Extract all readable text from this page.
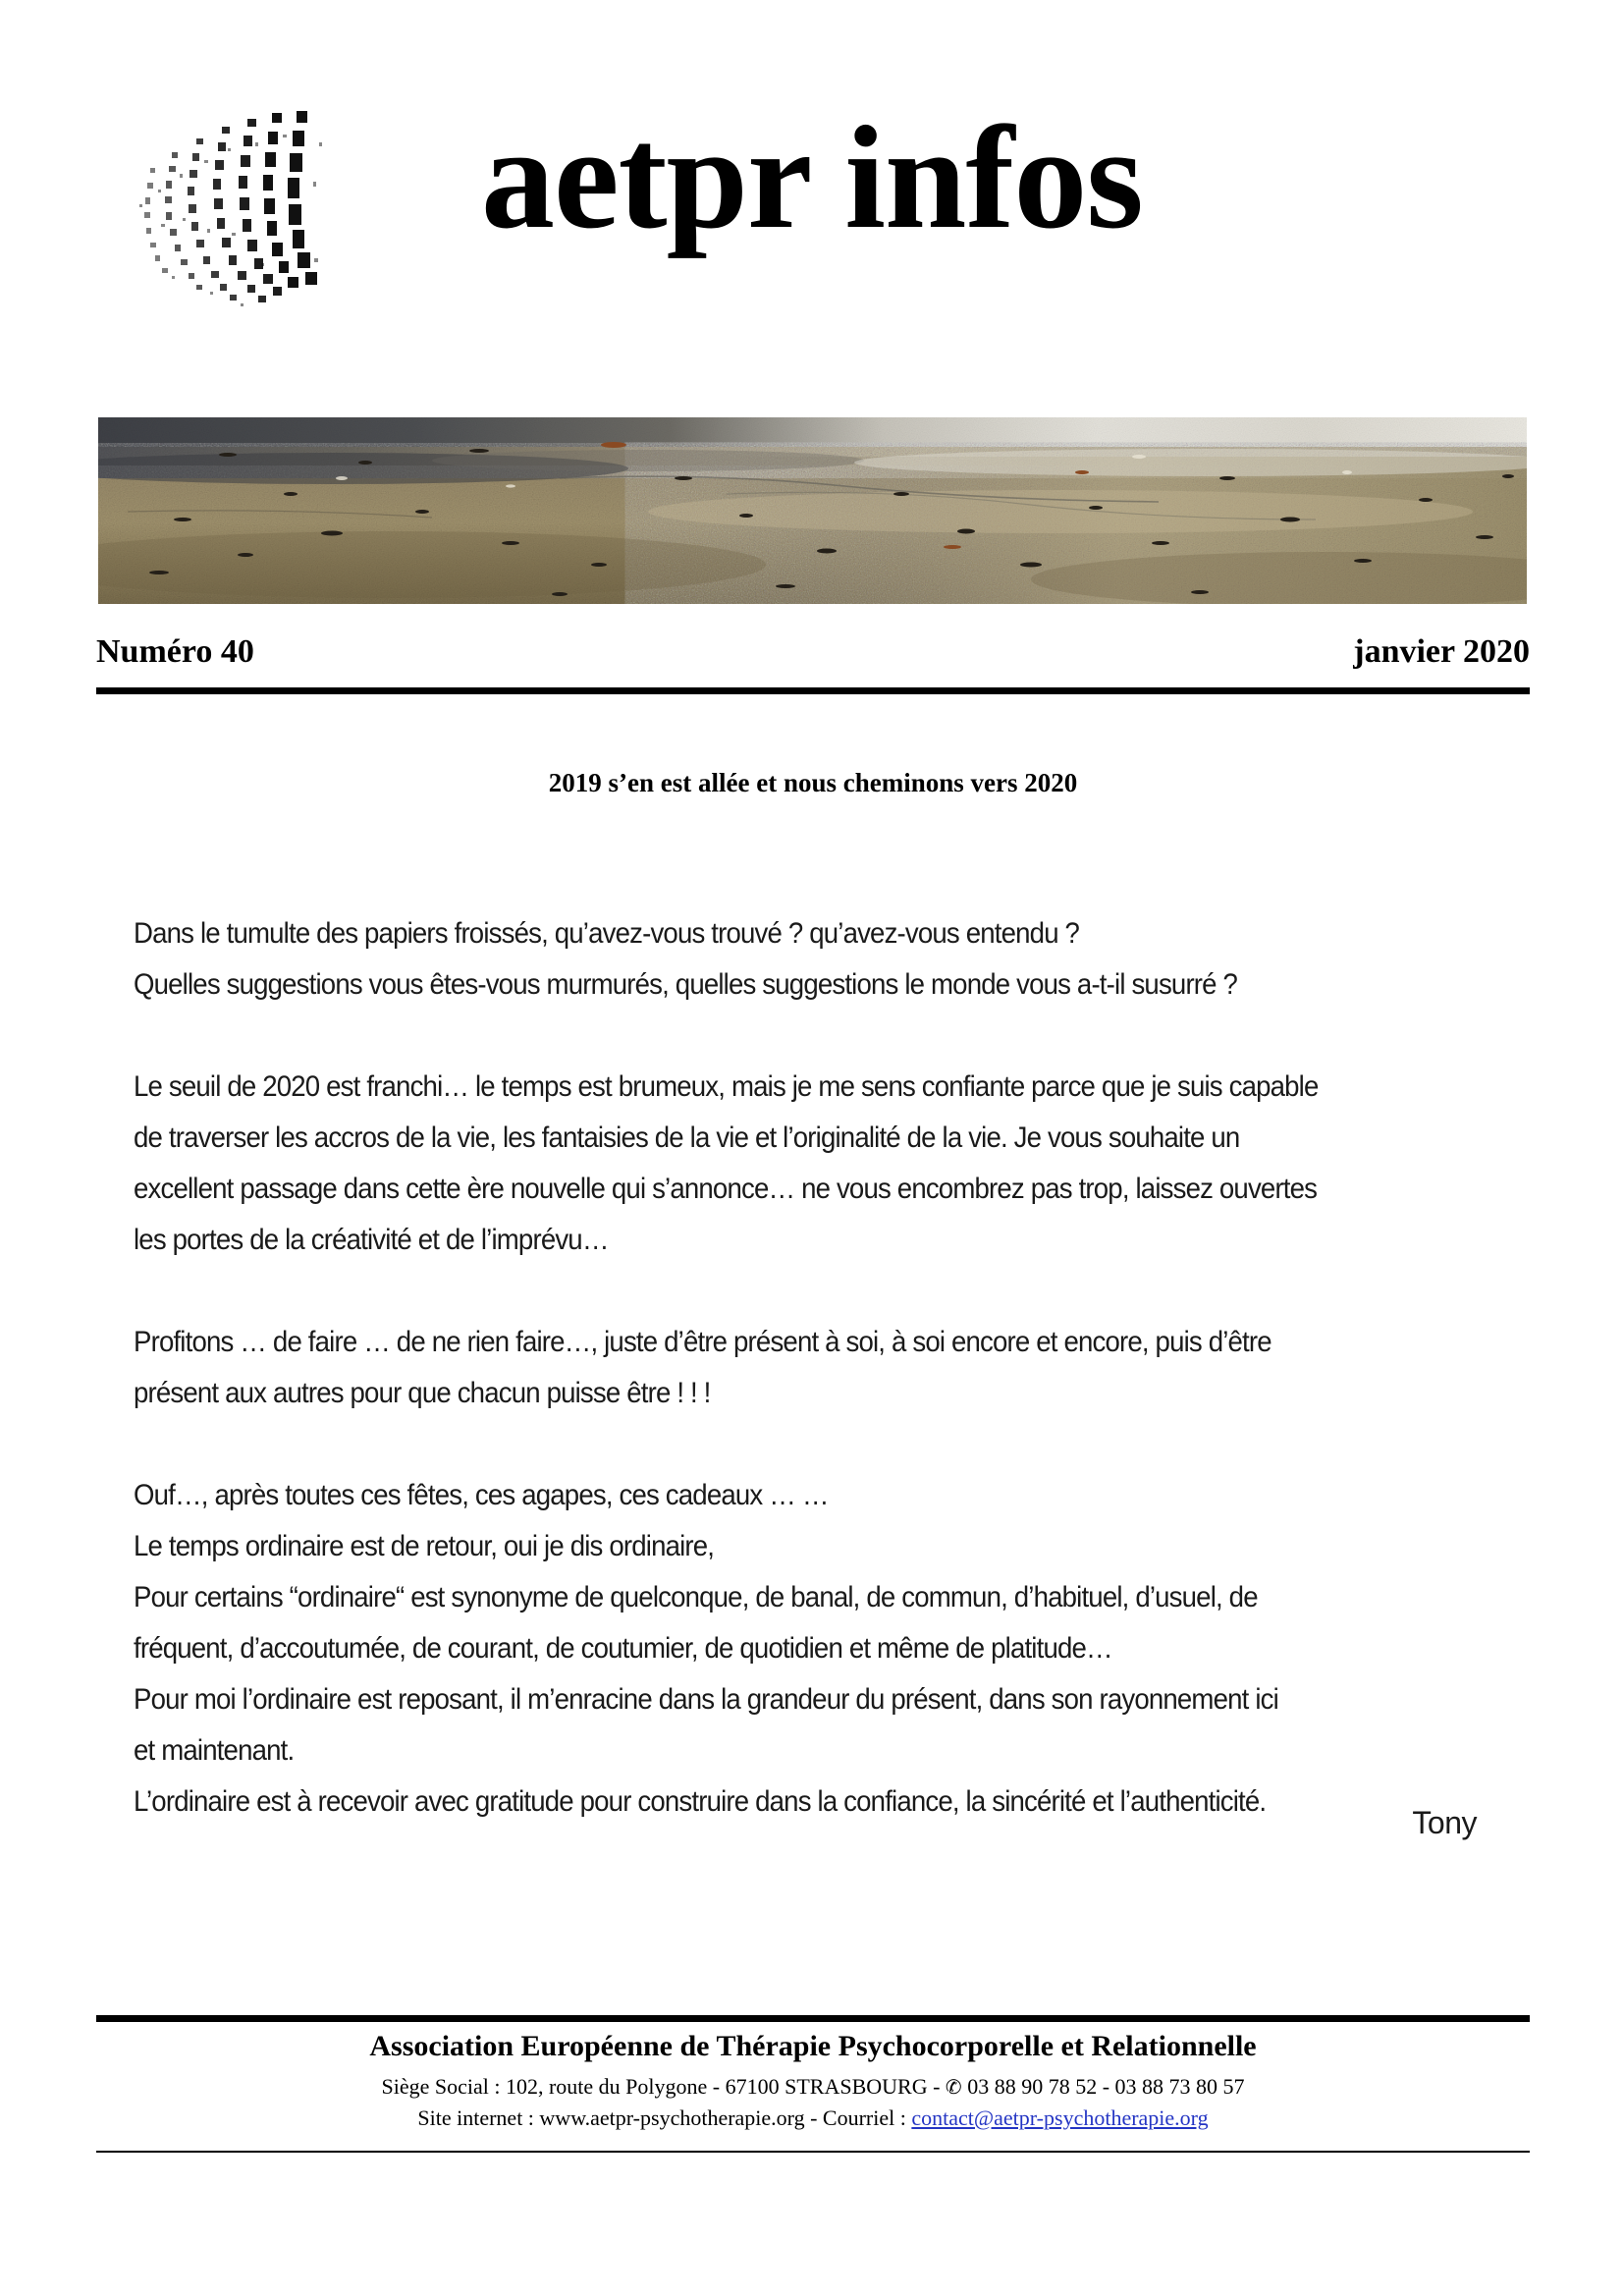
aetpr infos
Numéro 40	janvier 2020
2019 s’en est allée et nous cheminons vers 2020

Dans le tumulte des papiers froissés, qu’avez-vous trouvé ? qu’avez-vous entendu ?
Quelles suggestions vous êtes-vous murmurés, quelles suggestions le monde vous a-t-il susurré ?

Le seuil de 2020 est franchi… le temps est brumeux, mais je me sens confiante parce que je suis capable
de traverser les accros de la vie, les fantaisies de la vie et l’originalité de la vie. Je vous souhaite un
excellent passage dans cette ère nouvelle qui s’annonce… ne vous encombrez pas trop, laissez ouvertes
les portes de la créativité et de l’imprévu…

Profitons … de faire … de ne rien faire…, juste d’être présent à soi, à soi encore et encore, puis d’être
présent aux autres pour que chacun puisse être ! ! !

Ouf…, après toutes ces fêtes, ces agapes, ces cadeaux … …
Le temps ordinaire est de retour, oui je dis ordinaire,
Pour certains “ordinaire“ est synonyme de quelconque, de banal, de commun, d’habituel, d’usuel, de
fréquent, d’accoutumée, de courant, de coutumier, de quotidien et même de platitude…
Pour moi l’ordinaire est reposant, il m’enracine dans la grandeur du présent, dans son rayonnement ici
et maintenant.
L’ordinaire est à recevoir avec gratitude pour construire dans la confiance, la sincérité et l’authenticité.

Tony
Association Européenne de Thérapie Psychocorporelle et Relationnelle
Siège Social : 102, route du Polygone - 67100 STRASBOURG - ✆ 03 88 90 78 52 - 03 88 73 80 57
Site internet : www.aetpr-psychotherapie.org - Courriel : contact@aetpr-psychotherapie.org
